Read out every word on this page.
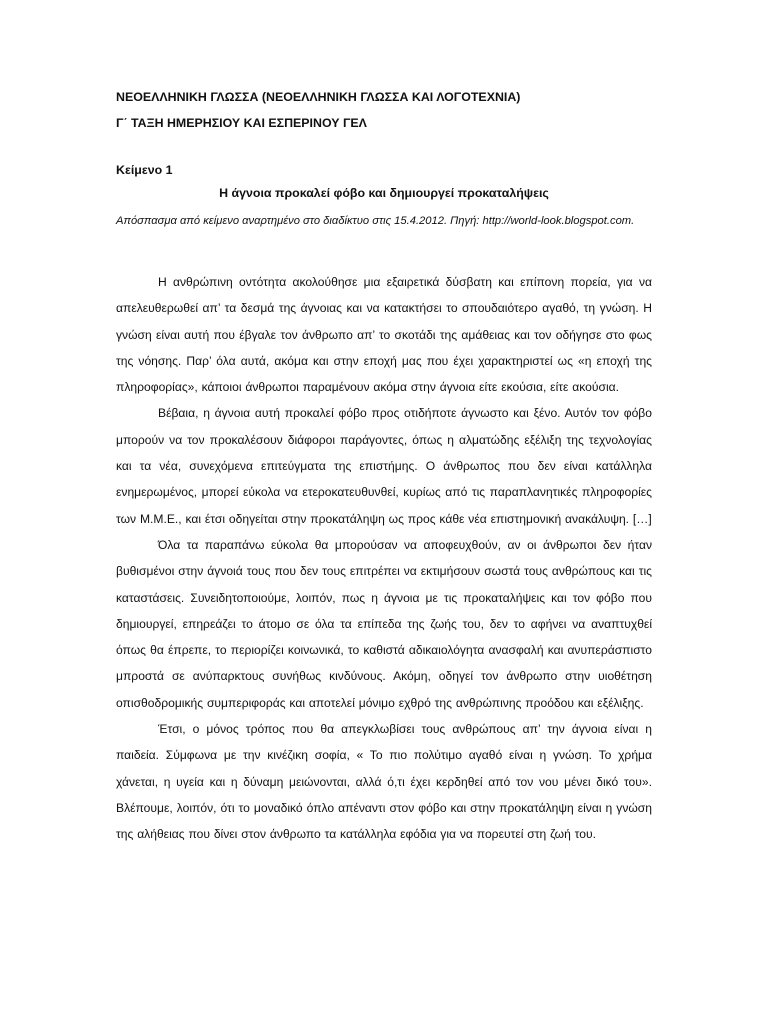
ΝΕΟΕΛΛΗΝΙΚΗ ΓΛΩΣΣΑ (ΝΕΟΕΛΛΗΝΙΚΗ ΓΛΩΣΣΑ ΚΑΙ ΛΟΓΟΤΕΧΝΙΑ)
Γ΄ ΤΑΞΗ ΗΜΕΡΗΣΙΟΥ ΚΑΙ ΕΣΠΕΡΙΝΟΥ ΓΕΛ
Κείμενο 1
Η άγνοια προκαλεί φόβο και δημιουργεί προκαταλήψεις
Απόσπασμα από κείμενο αναρτημένο στο διαδίκτυο στις 15.4.2012. Πηγή: http://world-look.blogspot.com.

Η ανθρώπινη οντότητα ακολούθησε μια εξαιρετικά δύσβατη και επίπονη πορεία, για να απελευθερωθεί απ’ τα δεσμά της άγνοιας και να κατακτήσει το σπουδαιότερο αγαθό, τη γνώση. Η γνώση είναι αυτή που έβγαλε τον άνθρωπο απ’ το σκοτάδι της αμάθειας και τον οδήγησε στο φως της νόησης. Παρ’ όλα αυτά, ακόμα και στην εποχή μας που έχει χαρακτηριστεί ως «η εποχή της πληροφορίας», κάποιοι άνθρωποι παραμένουν ακόμα στην άγνοια είτε εκούσια, είτε ακούσια.

Βέβαια, η άγνοια αυτή προκαλεί φόβο προς οτιδήποτε άγνωστο και ξένο. Αυτόν τον φόβο μπορούν να τον προκαλέσουν διάφοροι παράγοντες, όπως η αλματώδης εξέλιξη της τεχνολογίας και τα νέα, συνεχόμενα επιτεύγματα της επιστήμης. Ο άνθρωπος που δεν είναι κατάλληλα ενημερωμένος, μπορεί εύκολα να ετεροκατευθυνθεί, κυρίως από τις παραπλανητικές πληροφορίες των Μ.Μ.Ε., και έτσι οδηγείται στην προκατάληψη ως προς κάθε νέα επιστημονική ανακάλυψη. […]

Όλα τα παραπάνω εύκολα θα μπορούσαν να αποφευχθούν, αν οι άνθρωποι δεν ήταν βυθισμένοι στην άγνοιά τους που δεν τους επιτρέπει να εκτιμήσουν σωστά τους ανθρώπους και τις καταστάσεις. Συνειδητοποιούμε, λοιπόν, πως η άγνοια με τις προκαταλήψεις και τον φόβο που δημιουργεί, επηρεάζει το άτομο σε όλα τα επίπεδα της ζωής του, δεν το αφήνει να αναπτυχθεί όπως θα έπρεπε, το περιορίζει κοινωνικά, το καθιστά αδικαιολόγητα ανασφαλή και ανυπεράσπιστο μπροστά σε ανύπαρκτους συνήθως κινδύνους. Ακόμη, οδηγεί τον άνθρωπο στην υιοθέτηση οπισθοδρομικής συμπεριφοράς και αποτελεί μόνιμο εχθρό της ανθρώπινης προόδου και εξέλιξης.

Έτσι, ο μόνος τρόπος που θα απεγκλωβίσει τους ανθρώπους απ’ την άγνοια είναι η παιδεία. Σύμφωνα με την κινέζικη σοφία, « Το πιο πολύτιμο αγαθό είναι η γνώση. Το χρήμα χάνεται, η υγεία και η δύναμη μειώνονται, αλλά ό,τι έχει κερδηθεί από τον νου μένει δικό του». Βλέπουμε, λοιπόν, ότι το μοναδικό όπλο απέναντι στον φόβο και στην προκατάληψη είναι η γνώση της αλήθειας που δίνει στον άνθρωπο τα κατάλληλα εφόδια για να πορευτεί στη ζωή του.
